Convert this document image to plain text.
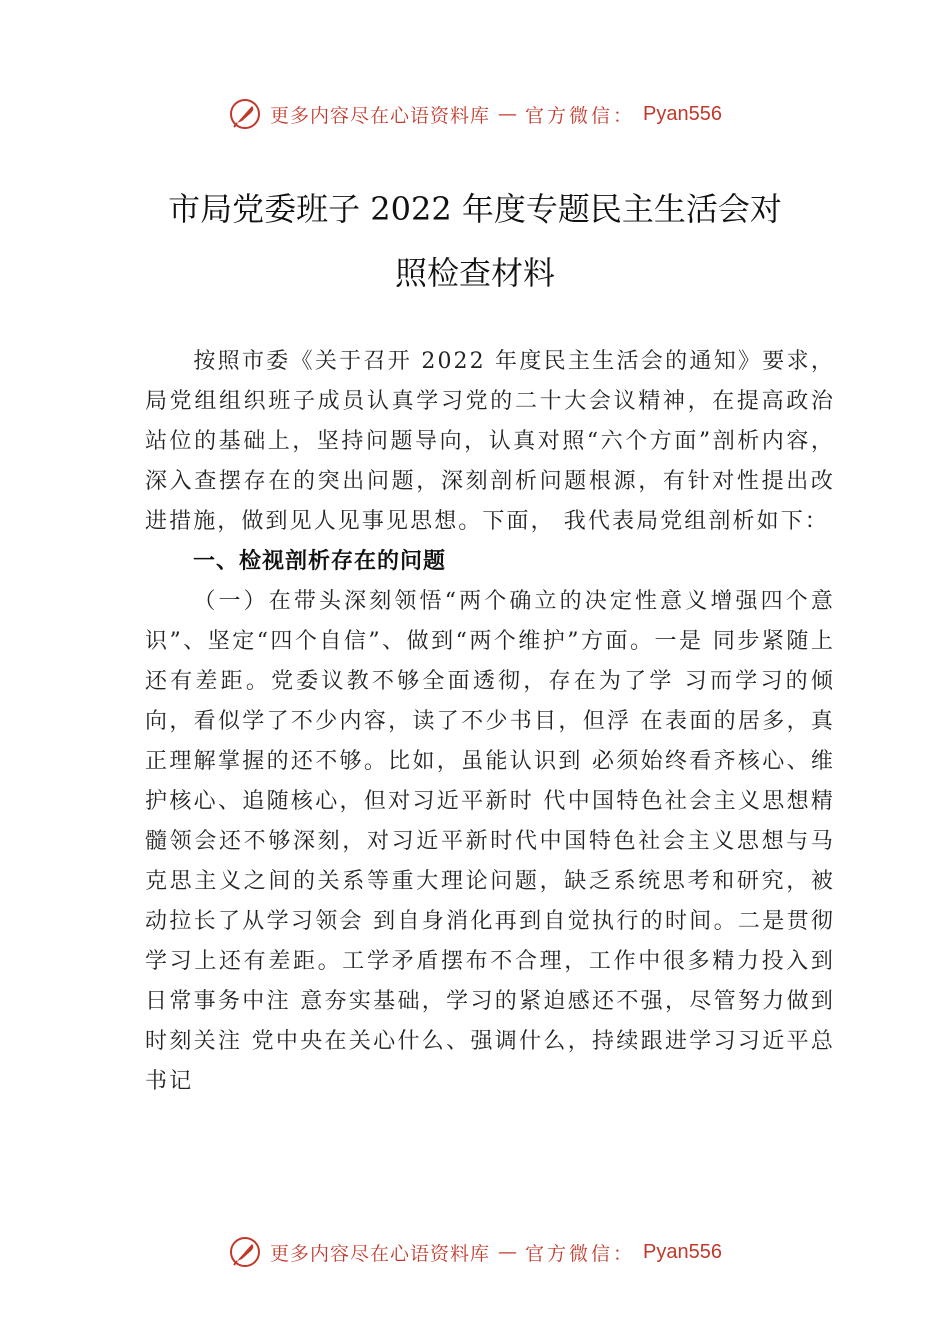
更多内容尽在心语资料库 — 官方微信： Pyan556
市局党委班子 2022 年度专题民主生活会对
照检查材料

按照市委《关于召开 2022 年度民主生活会的通知》要求，局党组组织班子成员认真学习党的二十大会议精神，在提高政治站位的基础上，坚持问题导向，认真对照“六个方面”剖析内容，深入查摆存在的突出问题，深刻剖析问题根源，有针对性提出改进措施，做到见人见事见思想。下面， 我代表局党组剖析如下：

一、检视剖析存在的问题

（一）在带头深刻领悟“两个确立的决定性意义增强四个意识”、坚定“四个自信”、做到“两个维护”方面。一是 同步紧随上还有差距。党委议教不够全面透彻，存在为了学 习而学习的倾向，看似学了不少内容，读了不少书目，但浮 在表面的居多，真正理解掌握的还不够。比如，虽能认识到 必须始终看齐核心、维护核心、追随核心，但对习近平新时 代中国特色社会主义思想精髓领会还不够深刻，对习近平新时代中国特色社会主义思想与马克思主义之间的关系等重大理论问题，缺乏系统思考和研究，被动拉长了从学习领会 到自身消化再到自觉执行的时间。二是贯彻学习上还有差距。工学矛盾摆布不合理，工作中很多精力投入到日常事务中注 意夯实基础，学习的紧迫感还不强，尽管努力做到时刻关注 党中央在关心什么、强调什么，持续跟进学习习近平总书记

更多内容尽在心语资料库 — 官方微信： Pyan556
